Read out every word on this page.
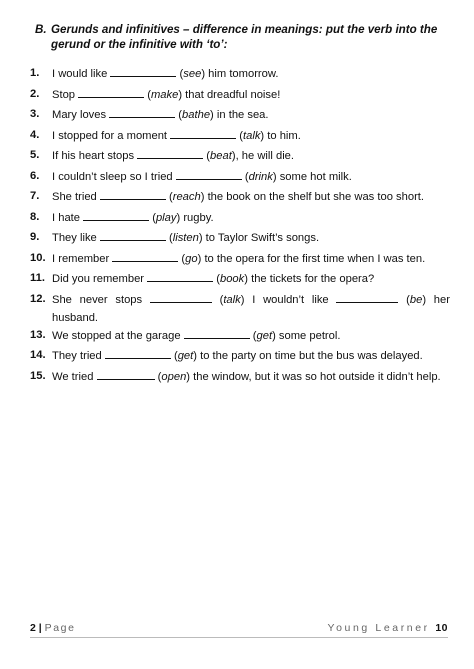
B. Gerunds and infinitives – difference in meanings: put the verb into the gerund or the infinitive with ‘to’:
1.	I would like	(see) him tomorrow.
2.	Stop	(make) that dreadful noise!
3.	Mary loves	(bathe) in the sea.
4.	I stopped for a moment	(talk) to him.
5.	If his heart stops	(beat), he will die.
6.	I couldn’t sleep so I tried	(drink) some hot milk.
7.	She tried	(reach) the book on the shelf but she was too short.
8.	I hate	(play) rugby.
9.	They like	(listen) to Taylor Swift’s songs.
10. I remember	(go) to the opera for the first time when I was ten.
11. Did you remember	(book) the tickets for the opera?
12. She never stops	(talk) I wouldn’t like	(be) her
husband.
13. We stopped at the garage	(get) some petrol.
14. They tried	(get) to the party on time but the bus was delayed.
15. We tried	(open) the window, but it was so hot outside it didn’t help.
2 | Page	Young Learner 10
